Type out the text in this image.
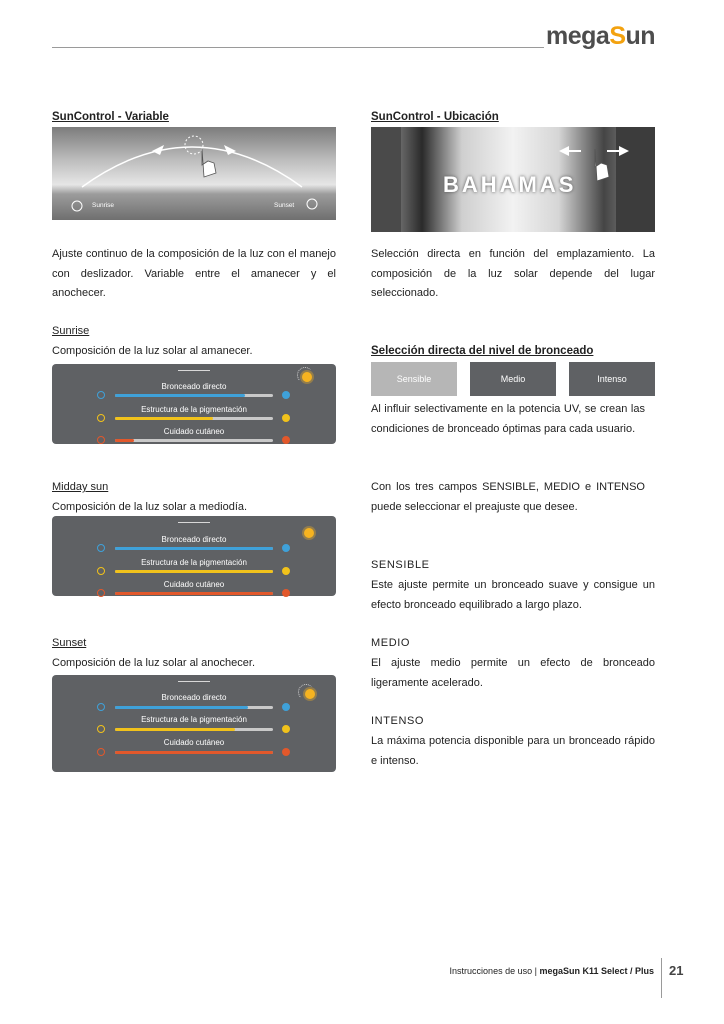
megaSun
SunControl - Variable
Sunrise	Sunset
Ajuste continuo de la composición de la luz con el manejo con deslizador. Variable entre el amanecer y el anochecer.
Sunrise
Composición de la luz solar al amanecer.
Bronceado directo
Estructura de la pigmentación
Cuidado cutáneo
Midday sun
Composición de la luz solar a mediodía.
Bronceado directo
Estructura de la pigmentación
Cuidado cutáneo
Sunset
Composición de la luz solar al anochecer.
Bronceado directo
Estructura de la pigmentación
Cuidado cutáneo
SunControl - Ubicación
BAHAMAS
Selección directa en función del emplazamiento. La composición de la luz solar depende del lugar seleccionado.
Selección directa del nivel de bronceado
Sensible	Medio	Intenso
Al influir selectivamente en la potencia UV, se crean las condiciones de bronceado óptimas para cada usuario.
Con los tres campos SENSIBLE, MEDIO e INTENSO puede seleccionar el preajuste que desee.
SENSIBLE
Este ajuste permite un bronceado suave y consigue un efecto bronceado equilibrado a largo plazo.
MEDIO
El ajuste medio permite un efecto de bronceado ligeramente acelerado.
INTENSO
La máxima potencia disponible para un bronceado rápido e intenso.
Instrucciones de uso | megaSun K11 Select / Plus 21
